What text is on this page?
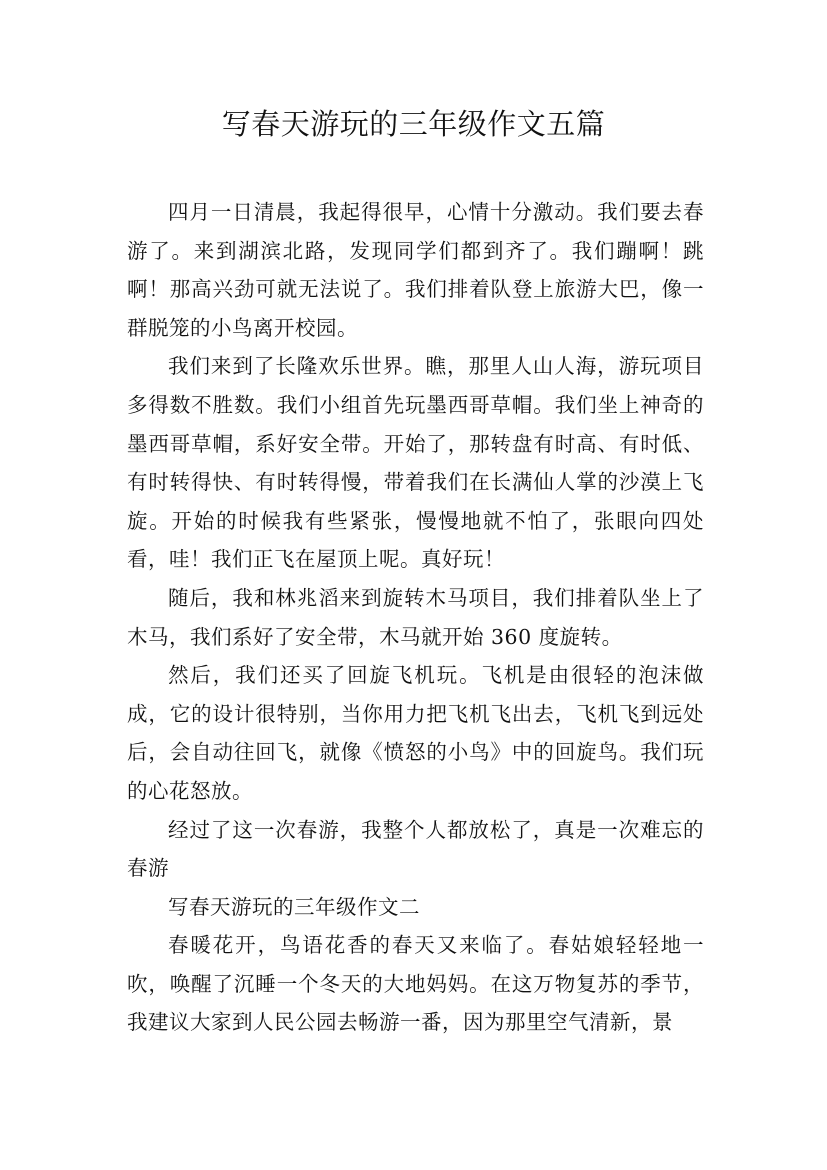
写春天游玩的三年级作文五篇

四月一日清晨，我起得很早，心情十分激动。我们要去春游了。来到湖滨北路，发现同学们都到齐了。我们蹦啊！跳啊！那高兴劲可就无法说了。我们排着队登上旅游大巴，像一群脱笼的小鸟离开校园。

我们来到了长隆欢乐世界。瞧，那里人山人海，游玩项目多得数不胜数。我们小组首先玩墨西哥草帽。我们坐上神奇的墨西哥草帽，系好安全带。开始了，那转盘有时高、有时低、有时转得快、有时转得慢，带着我们在长满仙人掌的沙漠上飞旋。开始的时候我有些紧张，慢慢地就不怕了，张眼向四处看，哇！我们正飞在屋顶上呢。真好玩！

随后，我和林兆滔来到旋转木马项目，我们排着队坐上了木马，我们系好了安全带，木马就开始 360 度旋转。

然后，我们还买了回旋飞机玩。飞机是由很轻的泡沫做成，它的设计很特别，当你用力把飞机飞出去，飞机飞到远处后，会自动往回飞，就像《愤怒的小鸟》中的回旋鸟。我们玩的心花怒放。

经过了这一次春游，我整个人都放松了，真是一次难忘的春游

写春天游玩的三年级作文二

春暖花开，鸟语花香的春天又来临了。春姑娘轻轻地一吹，唤醒了沉睡一个冬天的大地妈妈。在这万物复苏的季节，我建议大家到人民公园去畅游一番，因为那里空气清新，景
